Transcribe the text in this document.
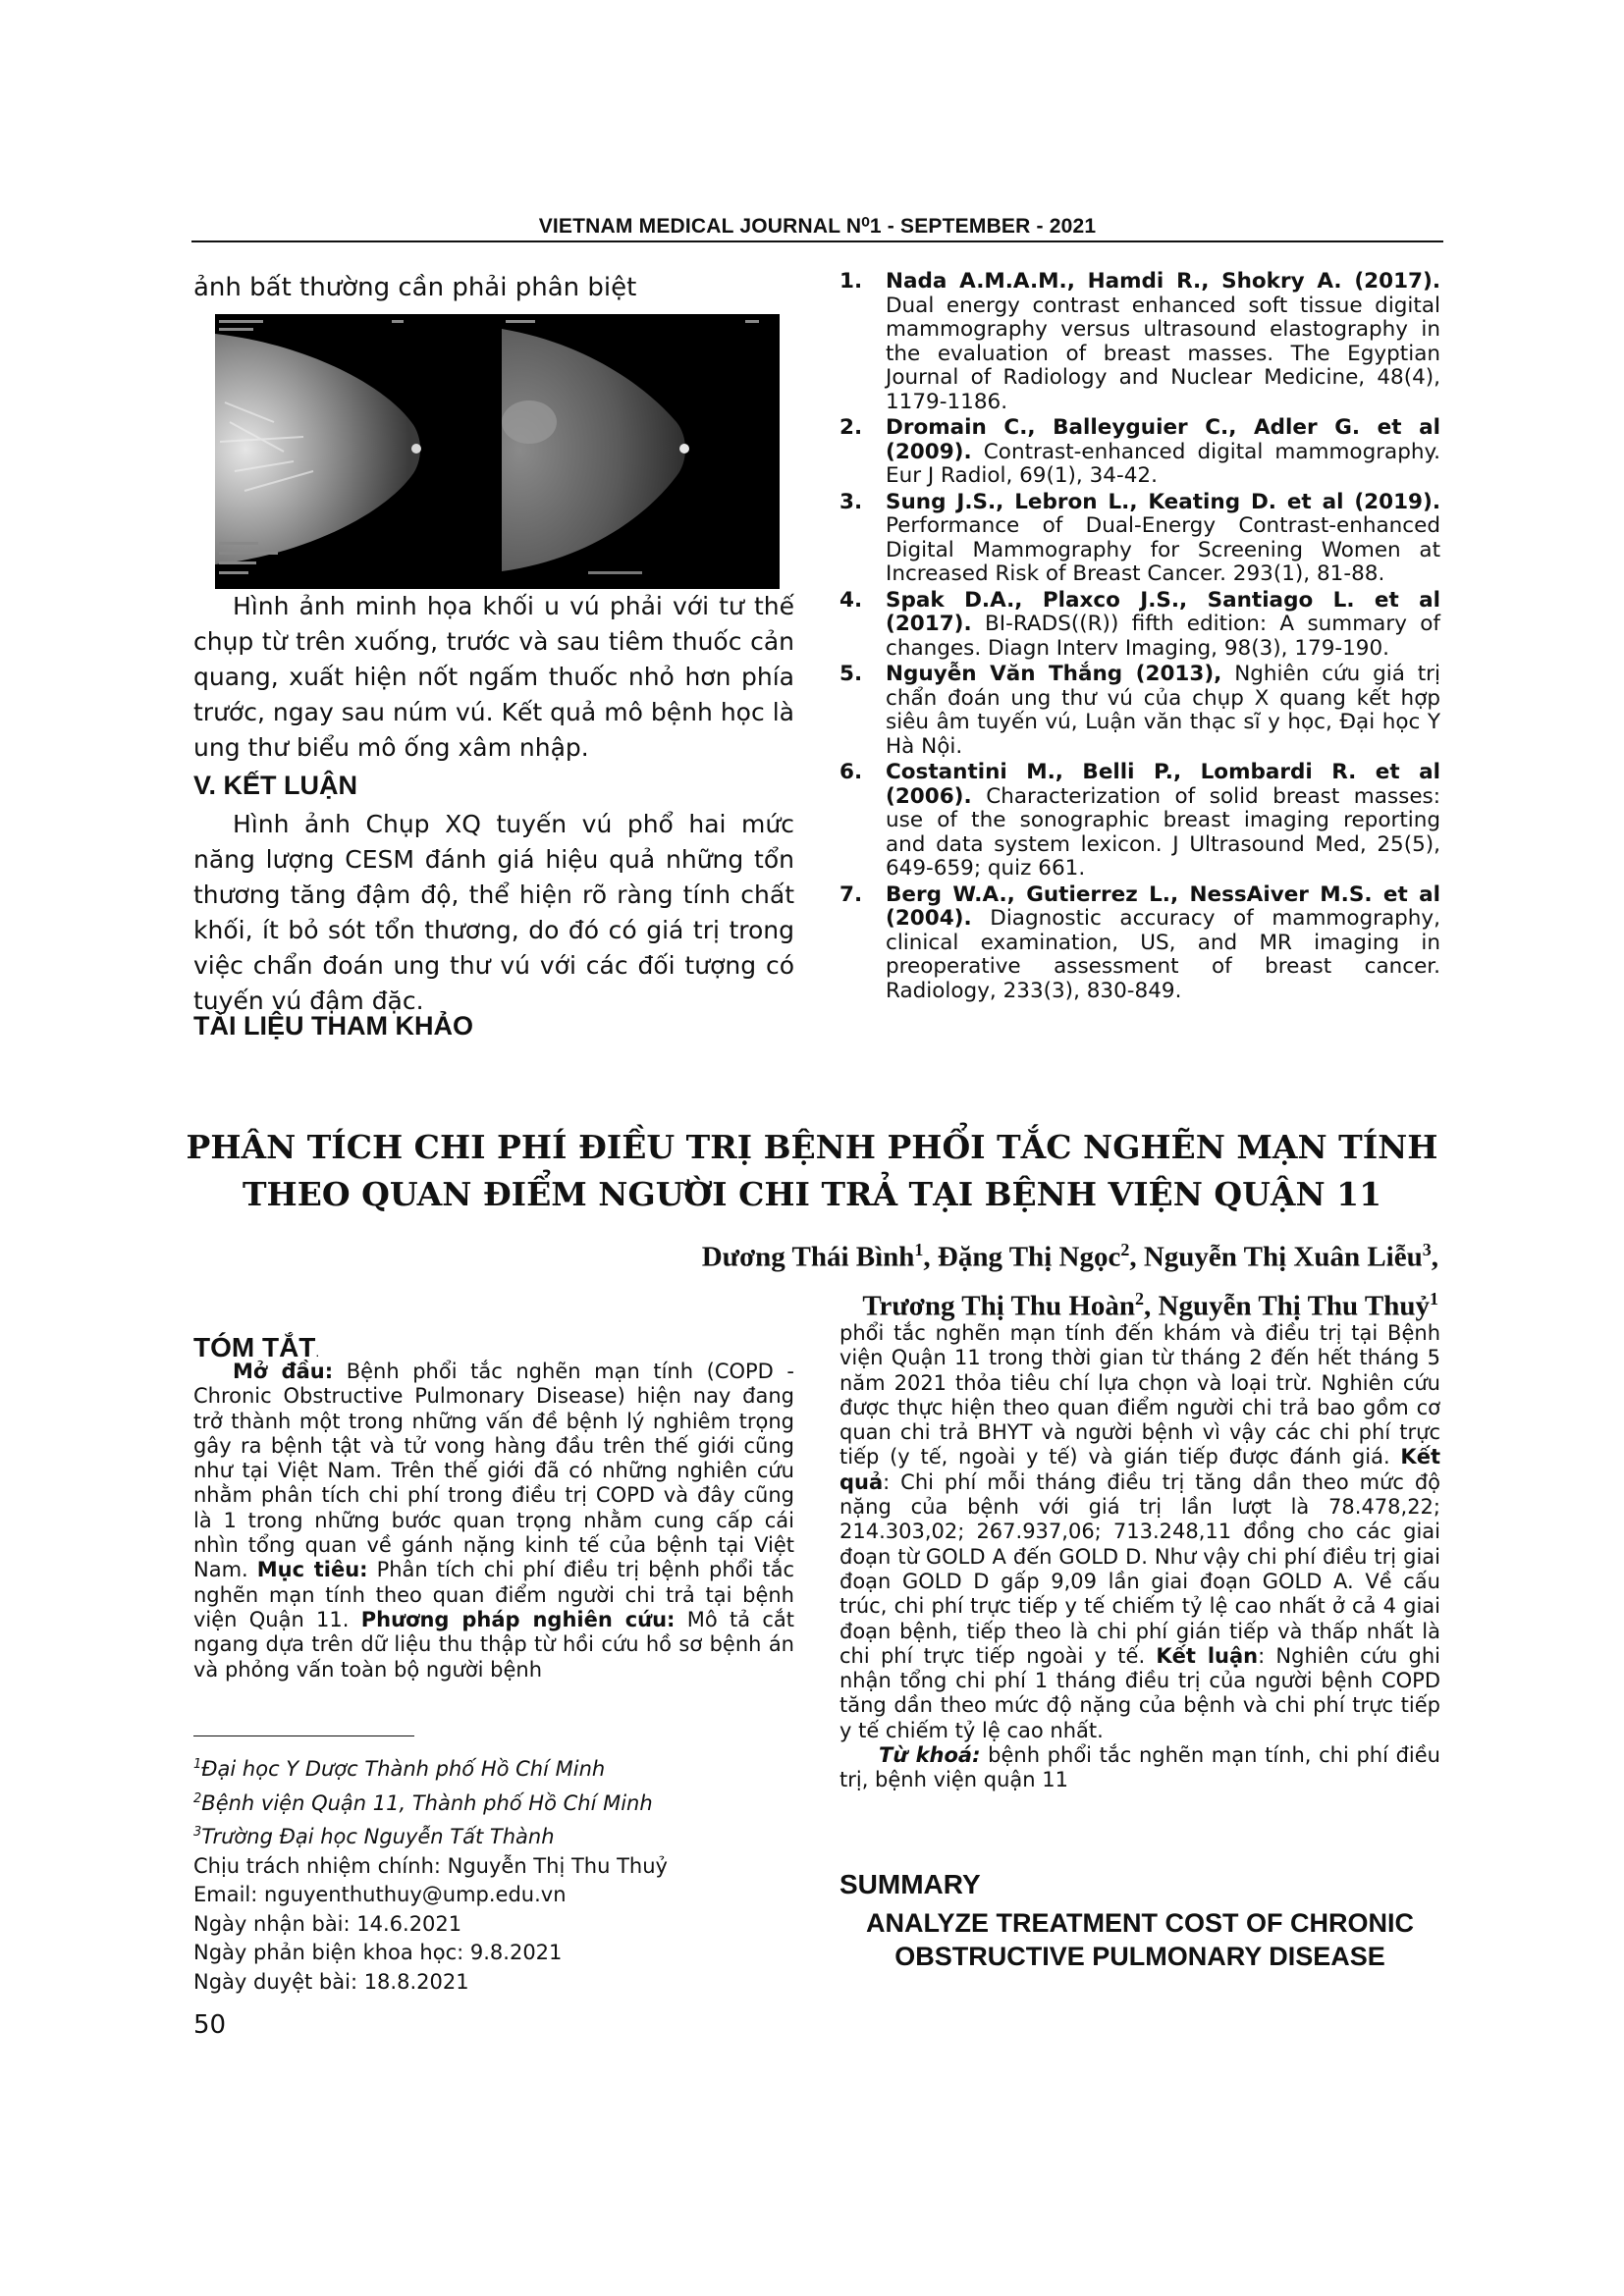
VIETNAM MEDICAL JOURNAL N⁰1 - SEPTEMBER - 2021
ảnh bất thường cần phải phân biệt
Hình ảnh minh họa khối u vú phải với tư thế chụp từ trên xuống, trước và sau tiêm thuốc cản quang, xuất hiện nốt ngấm thuốc nhỏ hơn phía trước, ngay sau núm vú. Kết quả mô bệnh học là ung thư biểu mô ống xâm nhập.
V. KẾT LUẬN
Hình ảnh Chụp XQ tuyến vú phổ hai mức năng lượng CESM đánh giá hiệu quả những tổn thương tăng đậm độ, thể hiện rõ ràng tính chất khối, ít bỏ sót tổn thương, do đó có giá trị trong việc chẩn đoán ung thư vú với các đối tượng có tuyến vú đậm đặc.
TÀI LIỆU THAM KHẢO
1. Nada A.M.A.M., Hamdi R., Shokry A. (2017). Dual energy contrast enhanced soft tissue digital mammography versus ultrasound elastography in the evaluation of breast masses. The Egyptian Journal of Radiology and Nuclear Medicine, 48(4), 1179-1186.
2. Dromain C., Balleyguier C., Adler G. et al (2009). Contrast-enhanced digital mammography. Eur J Radiol, 69(1), 34-42.
3. Sung J.S., Lebron L., Keating D. et al (2019). Performance of Dual-Energy Contrast-enhanced Digital Mammography for Screening Women at Increased Risk of Breast Cancer. 293(1), 81-88.
4. Spak D.A., Plaxco J.S., Santiago L. et al (2017). BI-RADS((R)) fifth edition: A summary of changes. Diagn Interv Imaging, 98(3), 179-190.
5. Nguyễn Văn Thắng (2013), Nghiên cứu giá trị chẩn đoán ung thư vú của chụp X quang kết hợp siêu âm tuyến vú, Luận văn thạc sĩ y học, Đại học Y Hà Nội.
6. Costantini M., Belli P., Lombardi R. et al (2006). Characterization of solid breast masses: use of the sonographic breast imaging reporting and data system lexicon. J Ultrasound Med, 25(5), 649-659; quiz 661.
7. Berg W.A., Gutierrez L., NessAiver M.S. et al (2004). Diagnostic accuracy of mammography, clinical examination, US, and MR imaging in preoperative assessment of breast cancer. Radiology, 233(3), 830-849.
PHÂN TÍCH CHI PHÍ ĐIỀU TRỊ BỆNH PHỔI TẮC NGHẼN MẠN TÍNH
THEO QUAN ĐIỂM NGƯỜI CHI TRẢ TẠI BỆNH VIỆN QUẬN 11
Dương Thái Bình$^1$, Đặng Thị Ngọc$^2$, Nguyễn Thị Xuân Liễu$^3$,
Trương Thị Thu Hoàn$^2$, Nguyễn Thị Thu Thuỷ$^1$
TÓM TẮT.
Mở đầu: Bệnh phổi tắc nghẽn mạn tính (COPD - Chronic Obstructive Pulmonary Disease) hiện nay đang trở thành một trong những vấn đề bệnh lý nghiêm trọng gây ra bệnh tật và tử vong hàng đầu trên thế giới cũng như tại Việt Nam. Trên thế giới đã có những nghiên cứu nhằm phân tích chi phí trong điều trị COPD và đây cũng là 1 trong những bước quan trọng nhằm cung cấp cái nhìn tổng quan về gánh nặng kinh tế của bệnh tại Việt Nam. Mục tiêu: Phân tích chi phí điều trị bệnh phổi tắc nghẽn mạn tính theo quan điểm người chi trả tại bệnh viện Quận 11. Phương pháp nghiên cứu: Mô tả cắt ngang dựa trên dữ liệu thu thập từ hồi cứu hồ sơ bệnh án và phỏng vấn toàn bộ người bệnh
phổi tắc nghẽn mạn tính đến khám và điều trị tại Bệnh viện Quận 11 trong thời gian từ tháng 2 đến hết tháng 5 năm 2021 thỏa tiêu chí lựa chọn và loại trừ. Nghiên cứu được thực hiện theo quan điểm người chi trả bao gồm cơ quan chi trả BHYT và người bệnh vì vậy các chi phí trực tiếp (y tế, ngoài y tế) và gián tiếp được đánh giá. Kết quả: Chi phí mỗi tháng điều trị tăng dần theo mức độ nặng của bệnh với giá trị lần lượt là 78.478,22; 214.303,02; 267.937,06; 713.248,11 đồng cho các giai đoạn từ GOLD A đến GOLD D. Như vậy chi phí điều trị giai đoạn GOLD D gấp 9,09 lần giai đoạn GOLD A. Về cấu trúc, chi phí trực tiếp y tế chiếm tỷ lệ cao nhất ở cả 4 giai đoạn bệnh, tiếp theo là chi phí gián tiếp và thấp nhất là chi phí trực tiếp ngoài y tế. Kết luận: Nghiên cứu ghi nhận tổng chi phí 1 tháng điều trị của người bệnh COPD tăng dần theo mức độ nặng của bệnh và chi phí trực tiếp y tế chiếm tỷ lệ cao nhất.
Từ khoá: bệnh phổi tắc nghẽn mạn tính, chi phí điều trị, bệnh viện quận 11
$^1$Đại học Y Dược Thành phố Hồ Chí Minh
$^2$Bệnh viện Quận 11, Thành phố Hồ Chí Minh
$^3$Trường Đại học Nguyễn Tất Thành
Chịu trách nhiệm chính: Nguyễn Thị Thu Thuỷ
Email: nguyenthuthuy@ump.edu.vn
Ngày nhận bài: 14.6.2021
Ngày phản biện khoa học: 9.8.2021
Ngày duyệt bài: 18.8.2021
SUMMARY
ANALYZE TREATMENT COST OF CHRONIC
OBSTRUCTIVE PULMONARY DISEASE
50
